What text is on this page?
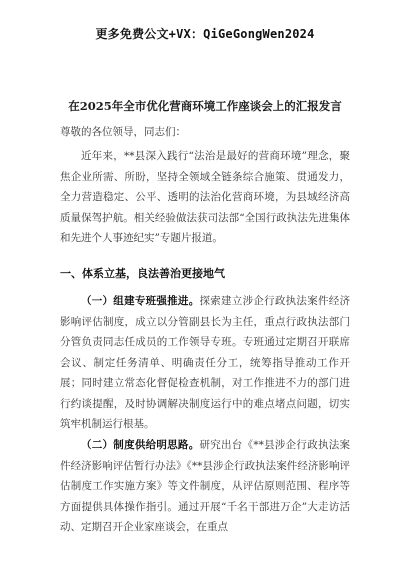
更多免费公文+VX：QiGeGongWen2024
在2025年全市优化营商环境工作座谈会上的汇报发言
尊敬的各位领导，同志们：

近年来，**县深入践行“法治是最好的营商环境”理念，聚焦企业所需、所盼，坚持全领域全链条综合施策、贯通发力，全力营造稳定、公平、透明的法治化营商环境，为县域经济高质量保驾护航。相关经验做法获司法部“全国行政执法先进集体和先进个人事迹纪实”专题片报道。

一、体系立基，良法善治更接地气

（一）组建专班强推进。探索建立涉企行政执法案件经济影响评估制度，成立以分管副县长为主任，重点行政执法部门分管负责同志任成员的工作领导专班。专班通过定期召开联席会议、制定任务清单、明确责任分工，统筹指导推动工作开展；同时建立常态化督促检查机制，对工作推进不力的部门进行约谈提醒，及时协调解决制度运行中的难点堵点问题，切实筑牢机制运行根基。

（二）制度供给明思路。研究出台《**县涉企行政执法案件经济影响评估暂行办法》《**县涉企行政执法案件经济影响评估制度工作实施方案》等文件制度，从评估原则范围、程序等方面提供具体操作指引。通过开展“千名干部进万企”大走访活动、定期召开企业家座谈会，在重点
